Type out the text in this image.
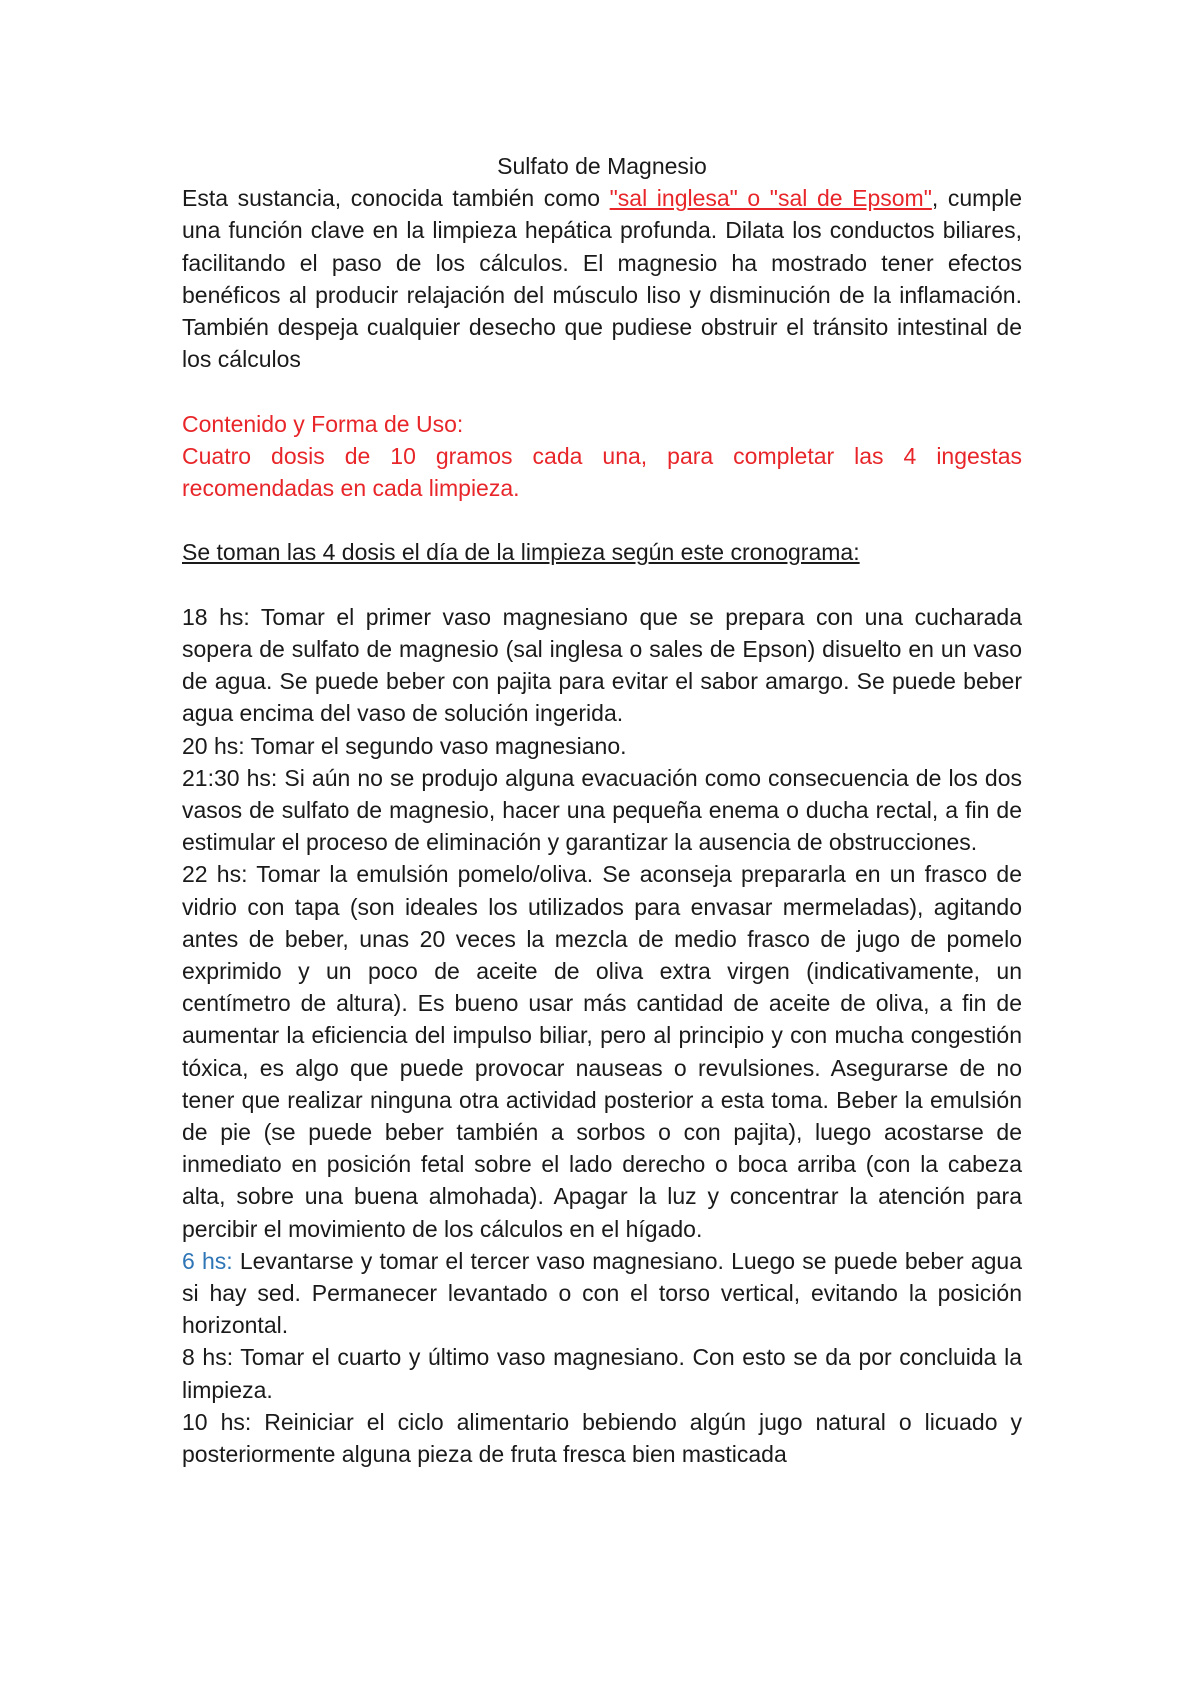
Sulfato de Magnesio

Esta sustancia, conocida también como "sal inglesa" o "sal de Epsom", cumple una función clave en la limpieza hepática profunda. Dilata los conductos biliares, facilitando el paso de los cálculos. El magnesio ha mostrado tener efectos benéficos al producir relajación del músculo liso y disminución de la inflamación. También despeja cualquier desecho que pudiese obstruir el tránsito intestinal de los cálculos

Contenido y Forma de Uso:

Cuatro dosis de 10 gramos cada una, para completar las 4 ingestas recomendadas en cada limpieza.

Se toman las 4 dosis el día de la limpieza según este cronograma:

18 hs: Tomar el primer vaso magnesiano que se prepara con una cucharada sopera de sulfato de magnesio (sal inglesa o sales de Epson) disuelto en un vaso de agua. Se puede beber con pajita para evitar el sabor amargo. Se puede beber agua encima del vaso de solución ingerida.

20 hs: Tomar el segundo vaso magnesiano.

21:30 hs: Si aún no se produjo alguna evacuación como consecuencia de los dos vasos de sulfato de magnesio, hacer una pequeña enema o ducha rectal, a fin de estimular el proceso de eliminación y garantizar la ausencia de obstrucciones.

22 hs: Tomar la emulsión pomelo/oliva. Se aconseja prepararla en un frasco de vidrio con tapa (son ideales los utilizados para envasar mermeladas), agitando antes de beber, unas 20 veces la mezcla de medio frasco de jugo de pomelo exprimido y un poco de aceite de oliva extra virgen (indicativamente, un centímetro de altura). Es bueno usar más cantidad de aceite de oliva, a fin de aumentar la eficiencia del impulso biliar, pero al principio y con mucha congestión tóxica, es algo que puede provocar nauseas o revulsiones. Asegurarse de no tener que realizar ninguna otra actividad posterior a esta toma. Beber la emulsión de pie (se puede beber también a sorbos o con pajita), luego acostarse de inmediato en posición fetal sobre el lado derecho o boca arriba (con la cabeza alta, sobre una buena almohada). Apagar la luz y concentrar la atención para percibir el movimiento de los cálculos en el hígado.

6 hs: Levantarse y tomar el tercer vaso magnesiano. Luego se puede beber agua si hay sed. Permanecer levantado o con el torso vertical, evitando la posición horizontal.

8 hs: Tomar el cuarto y último vaso magnesiano. Con esto se da por concluida la limpieza.

10 hs: Reiniciar el ciclo alimentario bebiendo algún jugo natural o licuado y posteriormente alguna pieza de fruta fresca bien masticada
